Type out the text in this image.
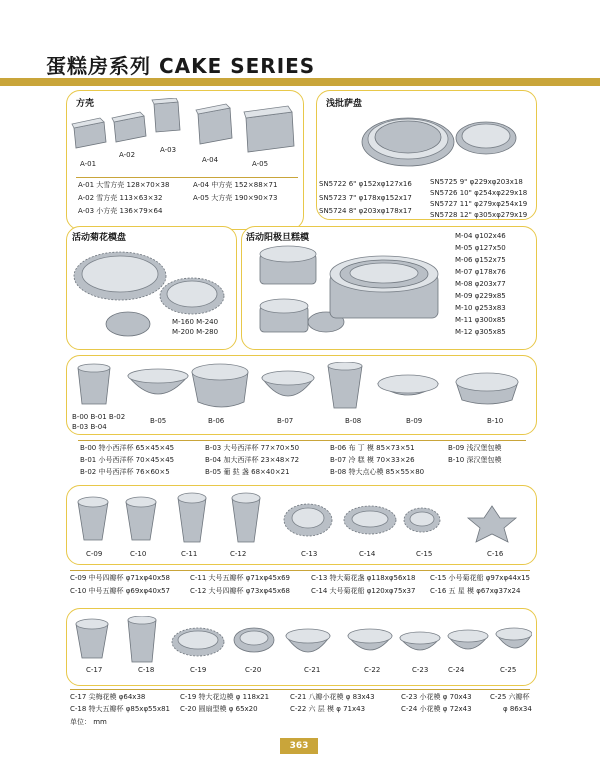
蛋糕房系列 CAKE SERIES
方壳
A-01
A-02
A-03
A-04	A-05
A-01 大雪方壳 128×70×38
A-02 雪方壳 113×63×32
A-03 小方壳 136×79×64
A-04 中方壳 152×88×71
A-05 大方壳 190×90×73
浅批萨盘
SN5722 6" φ152xφ127x16
SN5723 7" φ178xφ152x17
SN5724 8" φ203xφ178x17
SN5725 9" φ229xφ203x18
SN5726 10" φ254xφ229x18
SN5727 11" φ279xφ254x19
SN5728 12" φ305xφ279x19
活动菊花模盘
M-160 M-240
M-200 M-280
活动阳极旦糕模	M-04 φ102x46
M-05 φ127x50
M-06 φ152x75
M-07 φ178x76
M-08 φ203x77
M-09 φ229x85
M-10 φ253x83
M-11 φ300x85
M-12 φ305x85
B-00 B-01 B-02
B-03 B-04
B-05	B-06	B-07	B-08	B-09	B-10
B-00 特小西洋杯 65×45×45
B-01 小号西洋杯 70×45×45
B-02 中号西洋杯 76×60×5
B-03 大号西洋杯 77×70×50
B-04 加大西洋杯 23×48×72
B-05 葡 挞 盏 68×40×21
B-06 布 丁 模 85×73×51
B-07 冷 糕 模 70×33×26
B-08 特大点心模 85×55×80
B-09 浅汉堡包模
B-10 深汉堡包模
C-09	C-10	C-11	C-12	C-13	C-14	C-15	C-16
C-09 中号四瓣杯 φ71xφ40x58
C-10 中号五瓣杯 φ69xφ40x57
C-11 大号五瓣杯 φ71xφ45x69
C-12 大号四瓣杯 φ73xφ45x68
C-13 特大菊花盏 φ118xφ56x18
C-14 大号菊花船 φ120xφ75x37
C-15 小号菊花船 φ97xφ44x15
C-16 五 星 模 φ67xφ37x24
C-17	C-18	C-19	C-20	C-21	C-22	C-23	C-24	C-25
C-17 尖梅花模 φ64x38
C-18 特大五瓣杯 φ85xφ55x81
C-19 特大花边模 φ 118x21
C-20 圆扇型模 φ 65x20
C-21 八瓣小花模 φ 83x43
C-22 六 层 模 φ 71x43
C-23 小花模 φ 70x43
C-24 小花模 φ 72x43
C-25 六瓣杯
φ 86x34
单位： mm
363
